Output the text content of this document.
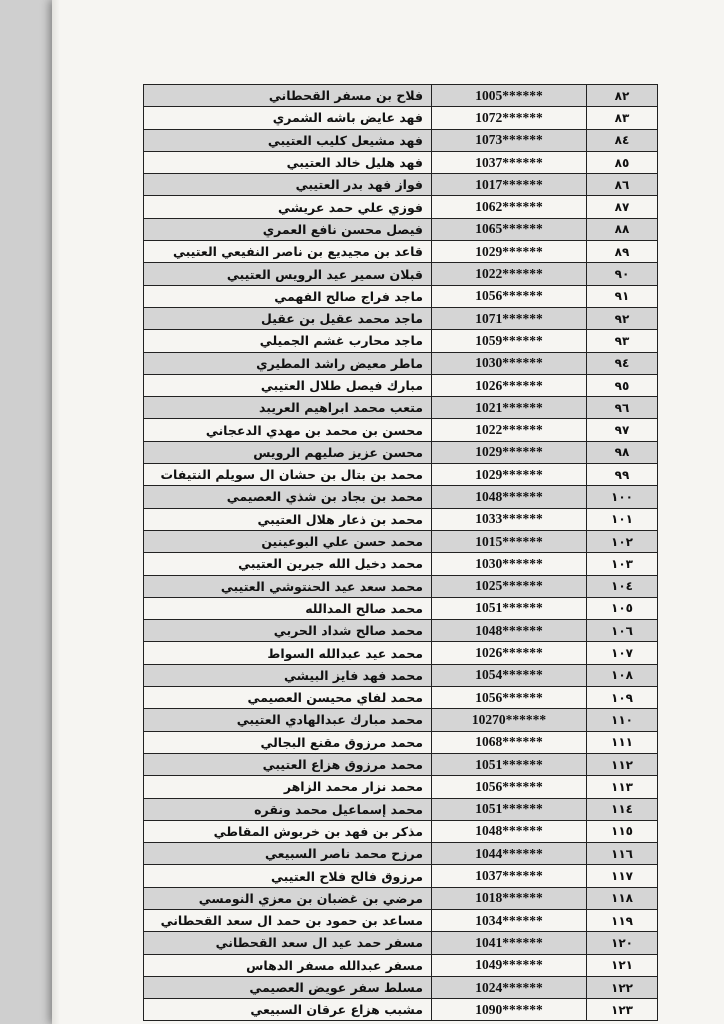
فلاح بن مسفر القحطاني	1005******	٨٢
فهد عايض باشه الشمري	1072******	٨٣
فهد مشيعل كليب العتيبي	1073******	٨٤
فهد هليل خالد العتيبي	1037******	٨٥
فواز فهد بدر العتيبي	1017******	٨٦
فوزي علي حمد عريشي	1062******	٨٧
فيصل محسن نافع العمري	1065******	٨٨
قاعد بن مجيديع بن ناصر النفيعي العتيبي	1029******	٨٩
قبلان سمير عيد الرويس العتيبي	1022******	٩٠
ماجد فراج صالح الفهمي	1056******	٩١
ماجد محمد عقيل بن عقيل	1071******	٩٢
ماجد محارب غشم الجميلي	1059******	٩٣
ماطر معيض راشد المطيري	1030******	٩٤
مبارك فيصل طلال العتيبي	1026******	٩٥
متعب محمد ابراهيم العريبد	1021******	٩٦
محسن بن محمد بن مهدي الدعجاني	1022******	٩٧
محسن عزيز صليهم الرويس	1029******	٩٨
محمد بن بتال بن حشان ال سويلم النتيفات	1029******	٩٩
محمد بن بجاد بن شذي العصيمي	1048******	١٠٠
محمد بن ذعار هلال العتيبي	1033******	١٠١
محمد حسن علي البوعينين	1015******	١٠٢
محمد دخيل الله جبرين العتيبي	1030******	١٠٣
محمد سعد عيد الحنتوشي العتيبي	1025******	١٠٤
محمد صالح المدالله	1051******	١٠٥
محمد صالح شداد الحربي	1048******	١٠٦
محمد عيد عبدالله السواط	1026******	١٠٧
محمد فهد فايز البيشي	1054******	١٠٨
محمد لفاي محيسن العصيمي	1056******	١٠٩
محمد مبارك عبدالهادي العتيبي	10270******	١١٠
محمد مرزوق مقنع البجالي	1068******	١١١
محمد مرزوق هزاع العتيبي	1051******	١١٢
محمد نزار محمد الزاهر	1056******	١١٣
محمد إسماعيل محمد ونقره	1051******	١١٤
مذكر بن فهد بن خربوش المقاطي	1048******	١١٥
مرزح محمد ناصر السبيعي	1044******	١١٦
مرزوق فالح فلاح العتيبي	1037******	١١٧
مرضي بن غضبان بن معزي النومسي	1018******	١١٨
مساعد بن حمود بن حمد ال سعد القحطاني	1034******	١١٩
مسفر حمد عيد ال سعد القحطاني	1041******	١٢٠
مسفر عبدالله مسفر الدهاس	1049******	١٢١
مسلط سفر عويض العصيمي	1024******	١٢٢
مشبب هزاع عرقان السبيعي	1090******	١٢٣
